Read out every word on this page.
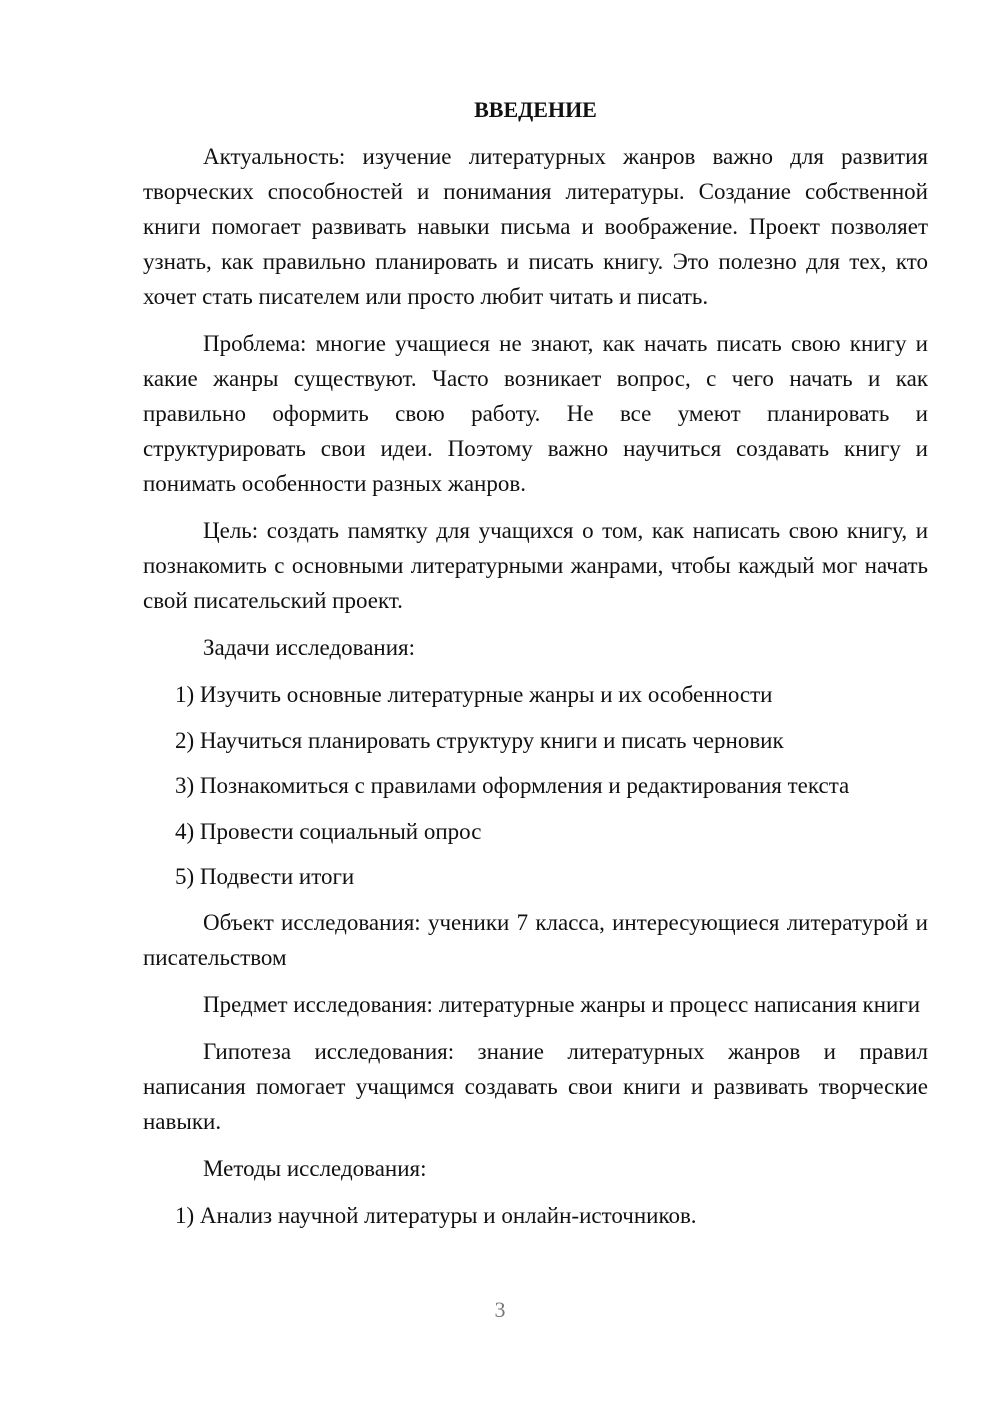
ВВЕДЕНИЕ

Актуальность: изучение литературных жанров важно для развития творческих способностей и понимания литературы. Создание собственной книги помогает развивать навыки письма и воображение. Проект позволяет узнать, как правильно планировать и писать книгу. Это полезно для тех, кто хочет стать писателем или просто любит читать и писать.

Проблема: многие учащиеся не знают, как начать писать свою книгу и какие жанры существуют. Часто возникает вопрос, с чего начать и как правильно оформить свою работу. Не все умеют планировать и структурировать свои идеи. Поэтому важно научиться создавать книгу и понимать особенности разных жанров.

Цель: создать памятку для учащихся о том, как написать свою книгу, и познакомить с основными литературными жанрами, чтобы каждый мог начать свой писательский проект.

Задачи исследования:

1) Изучить основные литературные жанры и их особенности
2) Научиться планировать структуру книги и писать черновик
3) Познакомиться с правилами оформления и редактирования текста
4) Провести социальный опрос
5) Подвести итоги

Объект исследования: ученики 7 класса, интересующиеся литературой и писательством

Предмет исследования: литературные жанры и процесс написания книги

Гипотеза исследования: знание литературных жанров и правил написания помогает учащимся создавать свои книги и развивать творческие навыки.

Методы исследования:

1) Анализ научной литературы и онлайн-источников.
3
